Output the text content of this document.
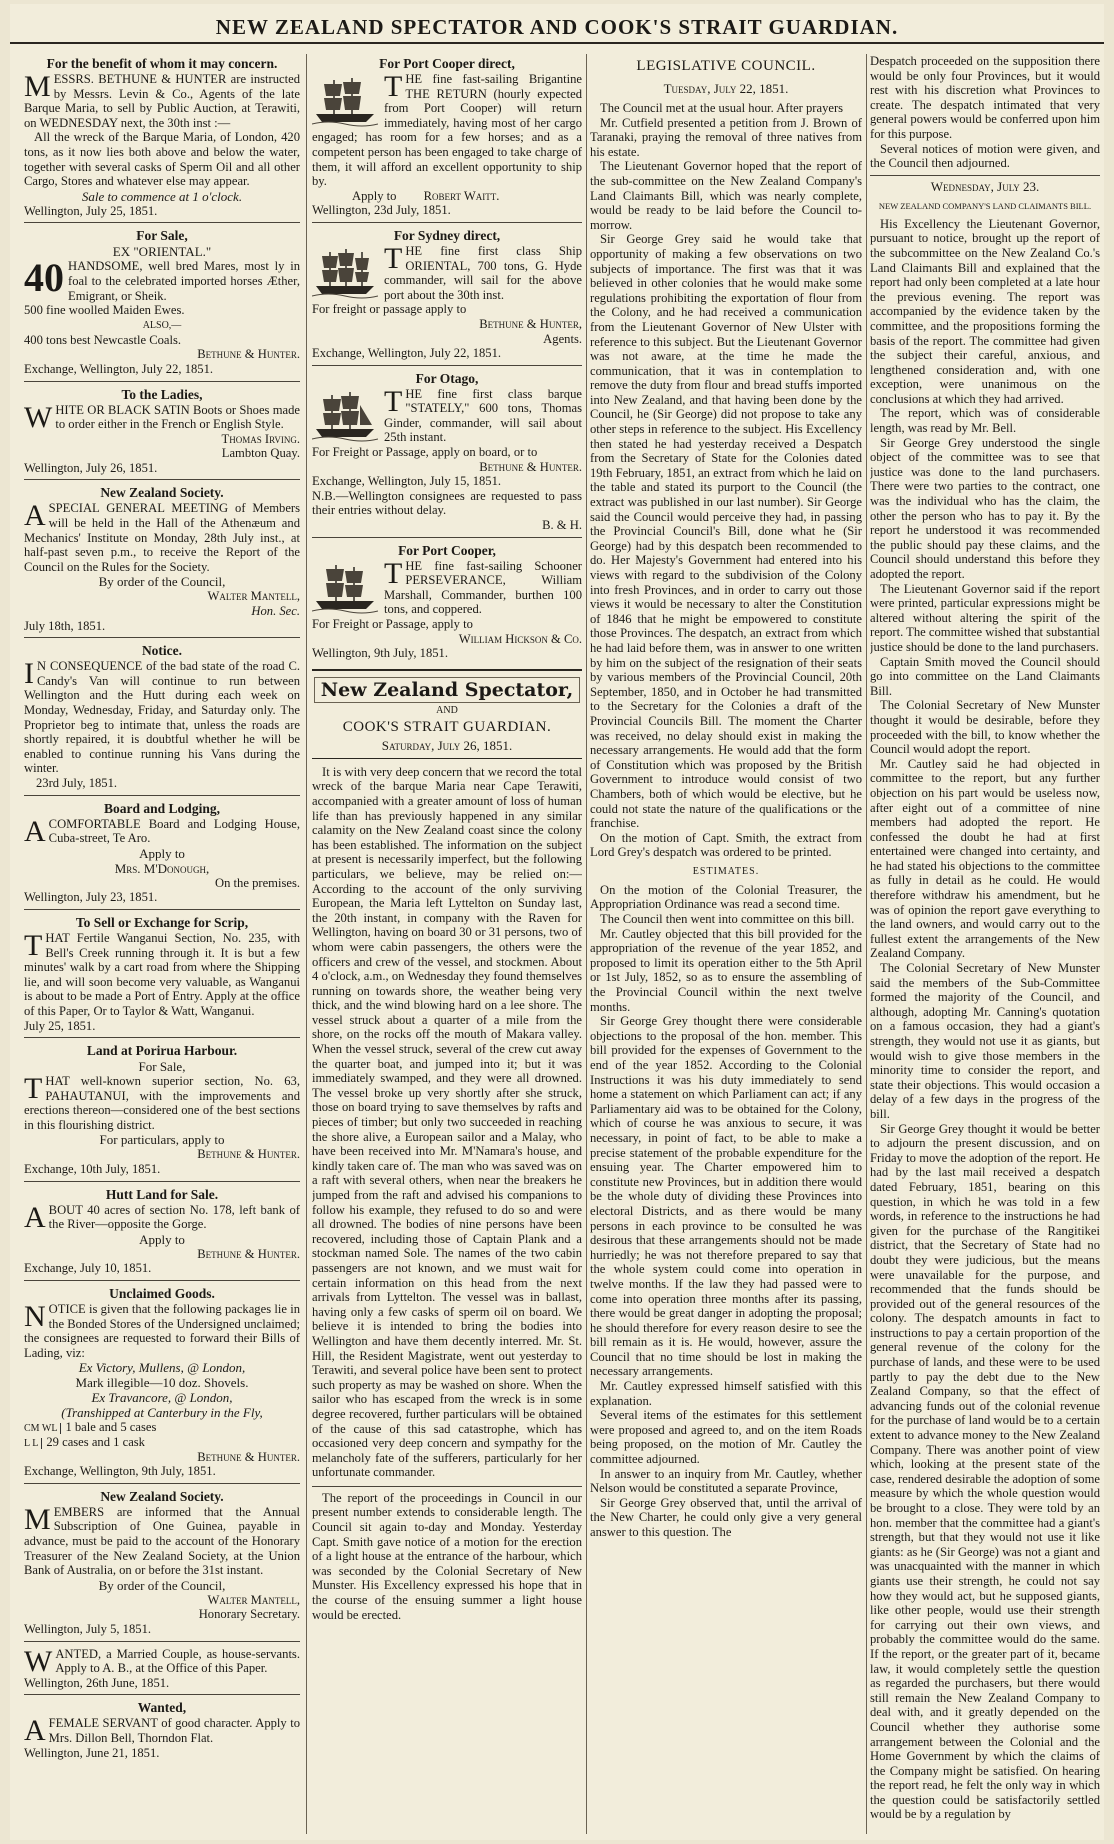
NEW ZEALAND SPECTATOR AND COOK'S STRAIT GUARDIAN.
For the benefit of whom it may concern.
MESSRS. BETHUNE & HUNTER are instructed by Messrs. Levin & Co., Agents of the late Barque Maria, to sell by Public Auction, at Terawiti, on WEDNESDAY next, the 30th inst :—

All the wreck of the Barque Maria, of London, 420 tons, as it now lies both above and below the water, together with several casks of Sperm Oil and all other Cargo, Stores and whatever else may appear.

Sale to commence at 1 o'clock.
Wellington, July 25, 1851.
For Sale,
EX "ORIENTAL."
40 HANDSOME, well bred Mares, most ly in foal to the celebrated imported horses Æther, Emigrant, or Sheik.
500 fine woolled Maiden Ewes.
ALSO,—
400 tons best Newcastle Coals.
Bethune & Hunter.
Exchange, Wellington, July 22, 1851.
To the Ladies,
WHITE OR BLACK SATIN Boots or Shoes made to order either in the French or English Style.
Thomas Irving.
Lambton Quay.
Wellington, July 26, 1851.
New Zealand Society.
ASPECIAL GENERAL MEETING of Members will be held in the Hall of the Athenæum and Mechanics' Institute on Monday, 28th July inst., at half-past seven p.m., to receive the Report of the Council on the Rules for the Society.
By order of the Council,
Walter Mantell,
Hon. Sec.
July 18th, 1851.
Notice.
I N CONSEQUENCE of the bad state of the road C. Candy's Van will continue to run between Wellington and the Hutt during each week on Monday, Wednesday, Friday, and Saturday only. The Proprietor beg to intimate that, unless the roads are shortly repaired, it is doubtful whether he will be enabled to continue running his Vans during the winter.
23rd July, 1851.
Board and Lodging,
ACOMFORTABLE Board and Lodging House, Cuba-street, Te Aro.
Apply to
Mrs. M'Donough,
On the premises.
Wellington, July 23, 1851.
To Sell or Exchange for Scrip,
THAT Fertile Wanganui Section, No. 235, with Bell's Creek running through it. It is but a few minutes' walk by a cart road from where the Shipping lie, and will soon become very valuable, as Wanganui is about to be made a Port of Entry. Apply at the office of this Paper, Or to Taylor & Watt, Wanganui.
July 25, 1851.
Land at Porirua Harbour.
For Sale,
THAT well-known superior section, No. 63, PAHAUTANUI, with the improvements and erections thereon—considered one of the best sections in this flourishing district.
For particulars, apply to
Bethune & Hunter.
Exchange, 10th July, 1851.
Hutt Land for Sale.
ABOUT 40 acres of section No. 178, left bank of the River—opposite the Gorge.
Apply to
Bethune & Hunter.
Exchange, July 10, 1851.
Unclaimed Goods.
NOTICE is given that the following packages lie in the Bonded Stores of the Undersigned unclaimed; the consignees are requested to forward their Bills of Lading, viz:
Ex Victory, Mullens, @ London,
Mark illegible—10 doz. Shovels.
Ex Travancore, @ London,
(Transhipped at Canterbury in the Fly,
CM WL 1 bale and 5 cases
L L 29 cases and 1 cask
Bethune & Hunter.
Exchange, Wellington, 9th July, 1851.
New Zealand Society.
MEMBERS are informed that the Annual Subscription of One Guinea, payable in advance, must be paid to the account of the Honorary Treasurer of the New Zealand Society, at the Union Bank of Australia, on or before the 31st instant.
By order of the Council,
Walter Mantell,
Honorary Secretary.
Wellington, July 5, 1851.
WANTED, a Married Couple, as house-servants. Apply to A. B., at the Office of this Paper.
Wellington, 26th June, 1851.
Wanted,
AFEMALE SERVANT of good character. Apply to Mrs. Dillon Bell, Thorndon Flat.
Wellington, June 21, 1851.
For Port Cooper direct,
THE fine fast-sailing Brigantine THE RETURN (hourly expected from Port Cooper) will return immediately, having most of her cargo engaged; has room for a few horses; and as a competent person has been engaged to take charge of them, it will afford an excellent opportunity to ship by.
Apply to Robert Waitt.
Wellington, 23d July, 1851.
For Sydney direct,
THE fine first class Ship ORIENTAL, 700 tons, G. Hyde commander, will sail for the above port about the 30th inst.
For freight or passage apply to
Bethune & Hunter,
Agents.
Exchange, Wellington, July 22, 1851.
For Otago,
THE fine first class barque "STATELY," 600 tons, Thomas Ginder, commander, will sail about 25th instant.
For Freight or Passage, apply on board, or to
Bethune & Hunter.
Exchange, Wellington, July 15, 1851.
N.B.—Wellington consignees are requested to pass their entries without delay.
B. & H.
For Port Cooper,
THE fine fast-sailing Schooner PERSEVERANCE, William Marshall, Commander, burthen 100 tons, and coppered.
For Freight or Passage, apply to
William Hickson & Co.
Wellington, 9th July, 1851.
New Zealand Spectator,
AND
COOK'S STRAIT GUARDIAN.
Saturday, July 26, 1851.

It is with very deep concern that we record the total wreck of the barque Maria near Cape Terawiti, accompanied with a greater amount of loss of human life than has previously happened in any similar calamity on the New Zealand coast since the colony has been established. The information on the subject at present is necessarily imperfect, but the following particulars, we believe, may be relied on:—According to the account of the only surviving European, the Maria left Lyttelton on Sunday last, the 20th instant, in company with the Raven for Wellington, having on board 30 or 31 persons, two of whom were cabin passengers, the others were the officers and crew of the vessel, and stockmen. About 4 o'clock, a.m., on Wednesday they found themselves running on towards shore, the weather being very thick, and the wind blowing hard on a lee shore. The vessel struck about a quarter of a mile from the shore, on the rocks off the mouth of Makara valley. When the vessel struck, several of the crew cut away the quarter boat, and jumped into it; but it was immediately swamped, and they were all drowned. The vessel broke up very shortly after she struck, those on board trying to save themselves by rafts and pieces of timber; but only two succeeded in reaching the shore alive, a European sailor and a Malay, who have been received into Mr. M'Namara's house, and kindly taken care of. The man who was saved was on a raft with several others, when near the breakers he jumped from the raft and advised his companions to follow his example, they refused to do so and were all drowned. The bodies of nine persons have been recovered, including those of Captain Plank and a stockman named Sole. The names of the two cabin passengers are not known, and we must wait for certain information on this head from the next arrivals from Lyttelton. The vessel was in ballast, having only a few casks of sperm oil on board. We believe it is intended to bring the bodies into Wellington and have them decently interred. Mr. St. Hill, the Resident Magistrate, went out yesterday to Terawiti, and several police have been sent to protect such property as may be washed on shore. When the sailor who has escaped from the wreck is in some degree recovered, further particulars will be obtained of the cause of this sad catastrophe, which has occasioned very deep concern and sympathy for the melancholy fate of the sufferers, particularly for her unfortunate commander.

The report of the proceedings in Council in our present number extends to considerable length. The Council sit again to-day and Monday. Yesterday Capt. Smith gave notice of a motion for the erection of a light house at the entrance of the harbour, which was seconded by the Colonial Secretary of New Munster. His Excellency expressed his hope that in the course of the ensuing summer a light house would be erected.

LEGISLATIVE COUNCIL.
Tuesday, July 22, 1851.

The Council met at the usual hour. After prayers

Mr. Cutfield presented a petition from J. Brown of Taranaki, praying the removal of three natives from his estate.

The Lieutenant Governor hoped that the report of the sub-committee on the New Zealand Company's Land Claimants Bill, which was nearly complete, would be ready to be laid before the Council to-morrow.

Sir George Grey said he would take that opportunity of making a few observations on two subjects of importance. The first was that it was believed in other colonies that he would make some regulations prohibiting the exportation of flour from the Colony, and he had received a communication from the Lieutenant Governor of New Ulster with reference to this subject. But the Lieutenant Governor was not aware, at the time he made the communication, that it was in contemplation to remove the duty from flour and bread stuffs imported into New Zealand, and that having been done by the Council, he (Sir George) did not propose to take any other steps in reference to the subject. His Excellency then stated he had yesterday received a Despatch from the Secretary of State for the Colonies dated 19th February, 1851, an extract from which he laid on the table and stated its purport to the Council (the extract was published in our last number). Sir George said the Council would perceive they had, in passing the Provincial Council's Bill, done what he (Sir George) had by this despatch been recommended to do. Her Majesty's Government had entered into his views with regard to the subdivision of the Colony into fresh Provinces, and in order to carry out those views it would be necessary to alter the Constitution of 1846 that he might be empowered to constitute those Provinces. The despatch, an extract from which he had laid before them, was in answer to one written by him on the subject of the resignation of their seats by various members of the Provincial Council, 20th September, 1850, and in October he had transmitted to the Secretary for the Colonies a draft of the Provincial Councils Bill. The moment the Charter was received, no delay should exist in making the necessary arrangements. He would add that the form of Constitution which was proposed by the British Government to introduce would consist of two Chambers, both of which would be elective, but he could not state the nature of the qualifications or the franchise.

On the motion of Capt. Smith, the extract from Lord Grey's despatch was ordered to be printed.

ESTIMATES.

On the motion of the Colonial Treasurer, the Appropriation Ordinance was read a second time.

The Council then went into committee on this bill.

Mr. Cautley objected that this bill provided for the appropriation of the revenue of the year 1852, and proposed to limit its operation either to the 5th April or 1st July, 1852, so as to ensure the assembling of the Provincial Council within the next twelve months.

Sir George Grey thought there were considerable objections to the proposal of the hon. member. This bill provided for the expenses of Government to the end of the year 1852. According to the Colonial Instructions it was his duty immediately to send home a statement on which Parliament can act; if any Parliamentary aid was to be obtained for the Colony, which of course he was anxious to secure, it was necessary, in point of fact, to be able to make a precise statement of the probable expenditure for the ensuing year. The Charter empowered him to constitute new Provinces, but in addition there would be the whole duty of dividing these Provinces into electoral Districts, and as there would be many persons in each province to be consulted he was desirous that these arrangements should not be made hurriedly; he was not therefore prepared to say that the whole system could come into operation in twelve months. If the law they had passed were to come into operation three months after its passing, there would be great danger in adopting the proposal; he should therefore for every reason desire to see the bill remain as it is. He would, however, assure the Council that no time should be lost in making the necessary arrangements.

Mr. Cautley expressed himself satisfied with this explanation.

Several items of the estimates for this settlement were proposed and agreed to, and on the item Roads being proposed, on the motion of Mr. Cautley the committee adjourned.

In answer to an inquiry from Mr. Cautley, whether Nelson would be constituted a separate Province,

Sir George Grey observed that, until the arrival of the New Charter, he could only give a very general answer to this question. The

Despatch proceeded on the supposition there would be only four Provinces, but it would rest with his discretion what Provinces to create. The despatch intimated that very general powers would be conferred upon him for this purpose.

Several notices of motion were given, and the Council then adjourned.

Wednesday, July 23.
NEW ZEALAND COMPANY'S LAND CLAIMANTS BILL.

His Excellency the Lieutenant Governor, pursuant to notice, brought up the report of the subcommittee on the New Zealand Co.'s Land Claimants Bill and explained that the report had only been completed at a late hour the previous evening. The report was accompanied by the evidence taken by the committee, and the propositions forming the basis of the report. The committee had given the subject their careful, anxious, and lengthened consideration and, with one exception, were unanimous on the conclusions at which they had arrived.

The report, which was of considerable length, was read by Mr. Bell.

Sir George Grey understood the single object of the committee was to see that justice was done to the land purchasers. There were two parties to the contract, one was the individual who has the claim, the other the person who has to pay it. By the report he understood it was recommended the public should pay these claims, and the Council should understand this before they adopted the report.

The Lieutenant Governor said if the report were printed, particular expressions might be altered without altering the spirit of the report. The committee wished that substantial justice should be done to the land purchasers.

Captain Smith moved the Council should go into committee on the Land Claimants Bill.

The Colonial Secretary of New Munster thought it would be desirable, before they proceeded with the bill, to know whether the Council would adopt the report.

Mr. Cautley said he had objected in committee to the report, but any further objection on his part would be useless now, after eight out of a committee of nine members had adopted the report. He confessed the doubt he had at first entertained were changed into certainty, and he had stated his objections to the committee as fully in detail as he could. He would therefore withdraw his amendment, but he was of opinion the report gave everything to the land owners, and would carry out to the fullest extent the arrangements of the New Zealand Company.

The Colonial Secretary of New Munster said the members of the Sub-Committee formed the majority of the Council, and although, adopting Mr. Canning's quotation on a famous occasion, they had a giant's strength, they would not use it as giants, but would wish to give those members in the minority time to consider the report, and state their objections. This would occasion a delay of a few days in the progress of the bill.

Sir George Grey thought it would be better to adjourn the present discussion, and on Friday to move the adoption of the report. He had by the last mail received a despatch dated February, 1851, bearing on this question, in which he was told in a few words, in reference to the instructions he had given for the purchase of the Rangitikei district, that the Secretary of State had no doubt they were judicious, but the means were unavailable for the purpose, and recommended that the funds should be provided out of the general resources of the colony. The despatch amounts in fact to instructions to pay a certain proportion of the general revenue of the colony for the purchase of lands, and these were to be used partly to pay the debt due to the New Zealand Company, so that the effect of advancing funds out of the colonial revenue for the purchase of land would be to a certain extent to advance money to the New Zealand Company. There was another point of view which, looking at the present state of the case, rendered desirable the adoption of some measure by which the whole question would be brought to a close. They were told by an hon. member that the committee had a giant's strength, but that they would not use it like giants: as he (Sir George) was not a giant and was unacquainted with the manner in which giants use their strength, he could not say how they would act, but he supposed giants, like other people, would use their strength for carrying out their own views, and probably the committee would do the same. If the report, or the greater part of it, became law, it would completely settle the question as regarded the purchasers, but there would still remain the New Zealand Company to deal with, and it greatly depended on the Council whether they authorise some arrangement between the Colonial and the Home Government by which the claims of the Company might be satisfied. On hearing the report read, he felt the only way in which the question could be satisfactorily settled would be by a regulation by
